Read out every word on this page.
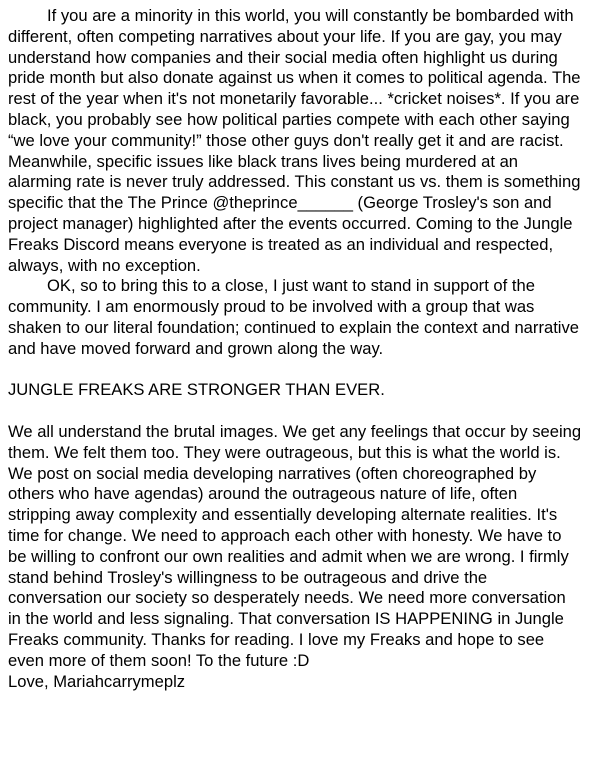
If you are a minority in this world, you will constantly be bombarded with different, often competing narratives about your life. If you are gay, you may understand how companies and their social media often highlight us during pride month but also donate against us when it comes to political agenda. The rest of the year when it's not monetarily favorable... *cricket noises*. If you are black, you probably see how political parties compete with each other saying “we love your community!” those other guys don't really get it and are racist. Meanwhile, specific issues like black trans lives being murdered at an alarming rate is never truly addressed. This constant us vs. them is something specific that the The Prince @theprince______ (George Trosley's son and project manager) highlighted after the events occurred. Coming to the Jungle Freaks Discord means everyone is treated as an individual and respected, always, with no exception.

OK, so to bring this to a close, I just want to stand in support of the community. I am enormously proud to be involved with a group that was shaken to our literal foundation; continued to explain the context and narrative and have moved forward and grown along the way.

JUNGLE FREAKS ARE STRONGER THAN EVER.

We all understand the brutal images. We get any feelings that occur by seeing them. We felt them too. They were outrageous, but this is what the world is. We post on social media developing narratives (often choreographed by others who have agendas) around the outrageous nature of life, often stripping away complexity and essentially developing alternate realities. It's time for change. We need to approach each other with honesty. We have to be willing to confront our own realities and admit when we are wrong. I firmly stand behind Trosley's willingness to be outrageous and drive the conversation our society so desperately needs. We need more conversation in the world and less signaling. That conversation IS HAPPENING in Jungle Freaks community. Thanks for reading. I love my Freaks and hope to see even more of them soon! To the future :D

Love, Mariahcarrymeplz
